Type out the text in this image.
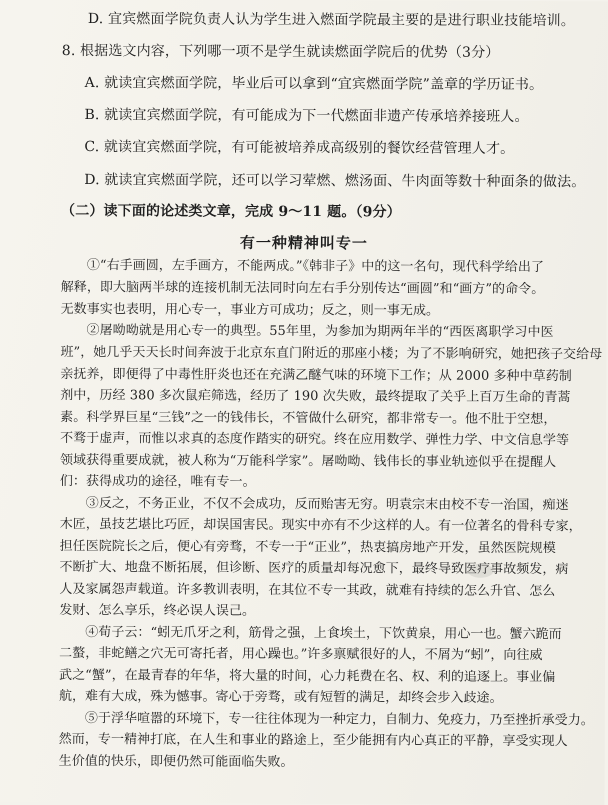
D. 宜宾燃面学院负责人认为学生进入燃面学院最主要的是进行职业技能培训。
8. 根据选文内容，下列哪一项不是学生就读燃面学院后的优势（3分）
A. 就读宜宾燃面学院，毕业后可以拿到“宜宾燃面学院”盖章的学历证书。
B. 就读宜宾燃面学院，有可能成为下一代燃面非遗产传承培养接班人。
C. 就读宜宾燃面学院，有可能被培养成高级别的餐饮经营管理人才。
D. 就读宜宾燃面学院，还可以学习荤燃、燃汤面、牛肉面等数十种面条的做法。
（二）读下面的论述类文章，完成 9～11 题。（9分）
有一种精神叫专一
①“右手画圆，左手画方，不能两成。”《韩非子》中的这一名句，现代科学给出了
解释，即大脑两半球的连接机制无法同时向左右手分别传达“画圆”和“画方”的命令。
无数事实也表明，用心专一，事业方可成功；反之，则一事无成。
②屠呦呦就是用心专一的典型。55年里，为参加为期两年半的“西医离职学习中医
班”，她几乎天天长时间奔波于北京东直门附近的那座小楼；为了不影响研究，她把孩子交给母
亲抚养，即便得了中毒性肝炎也还在充满乙醚气味的环境下工作；从 2000 多种中草药制
剂中，历经 380 多次鼠疟筛选，经历了 190 次失败，最终提取了关乎上百万生命的青蒿
素。科学界巨星“三钱”之一的钱伟长，不管做什么研究，都非常专一。他不肚于空想，
不骛于虚声，而惟以求真的态度作踏实的研究。终在应用数学、弹性力学、中文信息学等
领域获得重要成就，被人称为“万能科学家”。屠呦呦、钱伟长的事业轨迹似乎在提醒人
们：获得成功的途径，唯有专一。
③反之，不务正业，不仅不会成功，反而贻害无穷。明袁宗末由校不专一治国，痴迷
木匠，虽技艺堪比巧匠，却误国害民。现实中亦有不少这样的人。有一位著名的骨科专家，
担任医院院长之后，便心有旁骛，不专一于“正业”，热衷搞房地产开发，虽然医院规模
不断扩大、地盘不断拓展，但诊断、医疗的质量却每况愈下，最终导致医疗事故频发，病
人及家属怨声载道。许多教训表明，在其位不专一其政，就难有持续的怎么升官、怎么
发财、怎么享乐，终必误人误己。
④荀子云：“蚓无爪牙之利，筋骨之强，上食埃土，下饮黄泉，用心一也。蟹六跪而
二螯，非蛇鳝之穴无可寄托者，用心躁也。”许多禀赋很好的人，不屑为“蚓”，向往威
武之“蟹”，在最青春的年华，将大量的时间，心力耗费在名、权、利的追逐上。事业偏
航，难有大成，殊为憾事。寄心于旁骛，或有短暂的满足，却终会步入歧途。
⑤于浮华喧嚣的环境下，专一往往体现为一种定力，自制力、免疫力，乃至挫折承受力。
然而，专一精神打底，在人生和事业的路途上，至少能拥有内心真正的平静，享受实现人
生价值的快乐，即便仍然可能面临失败。
